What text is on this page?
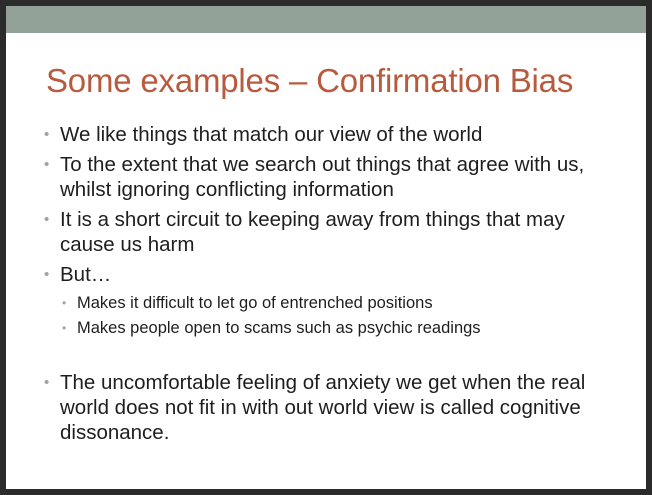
Some examples – Confirmation Bias
• We like things that match our view of the world
• To the extent that we search out things that agree with us, whilst ignoring conflicting information
• It is a short circuit to keeping away from things that may cause us harm
• But…
• Makes it difficult to let go of entrenched positions
• Makes people open to scams such as psychic readings
• The uncomfortable feeling of anxiety we get when the real world does not fit in with out world view is called cognitive dissonance.
